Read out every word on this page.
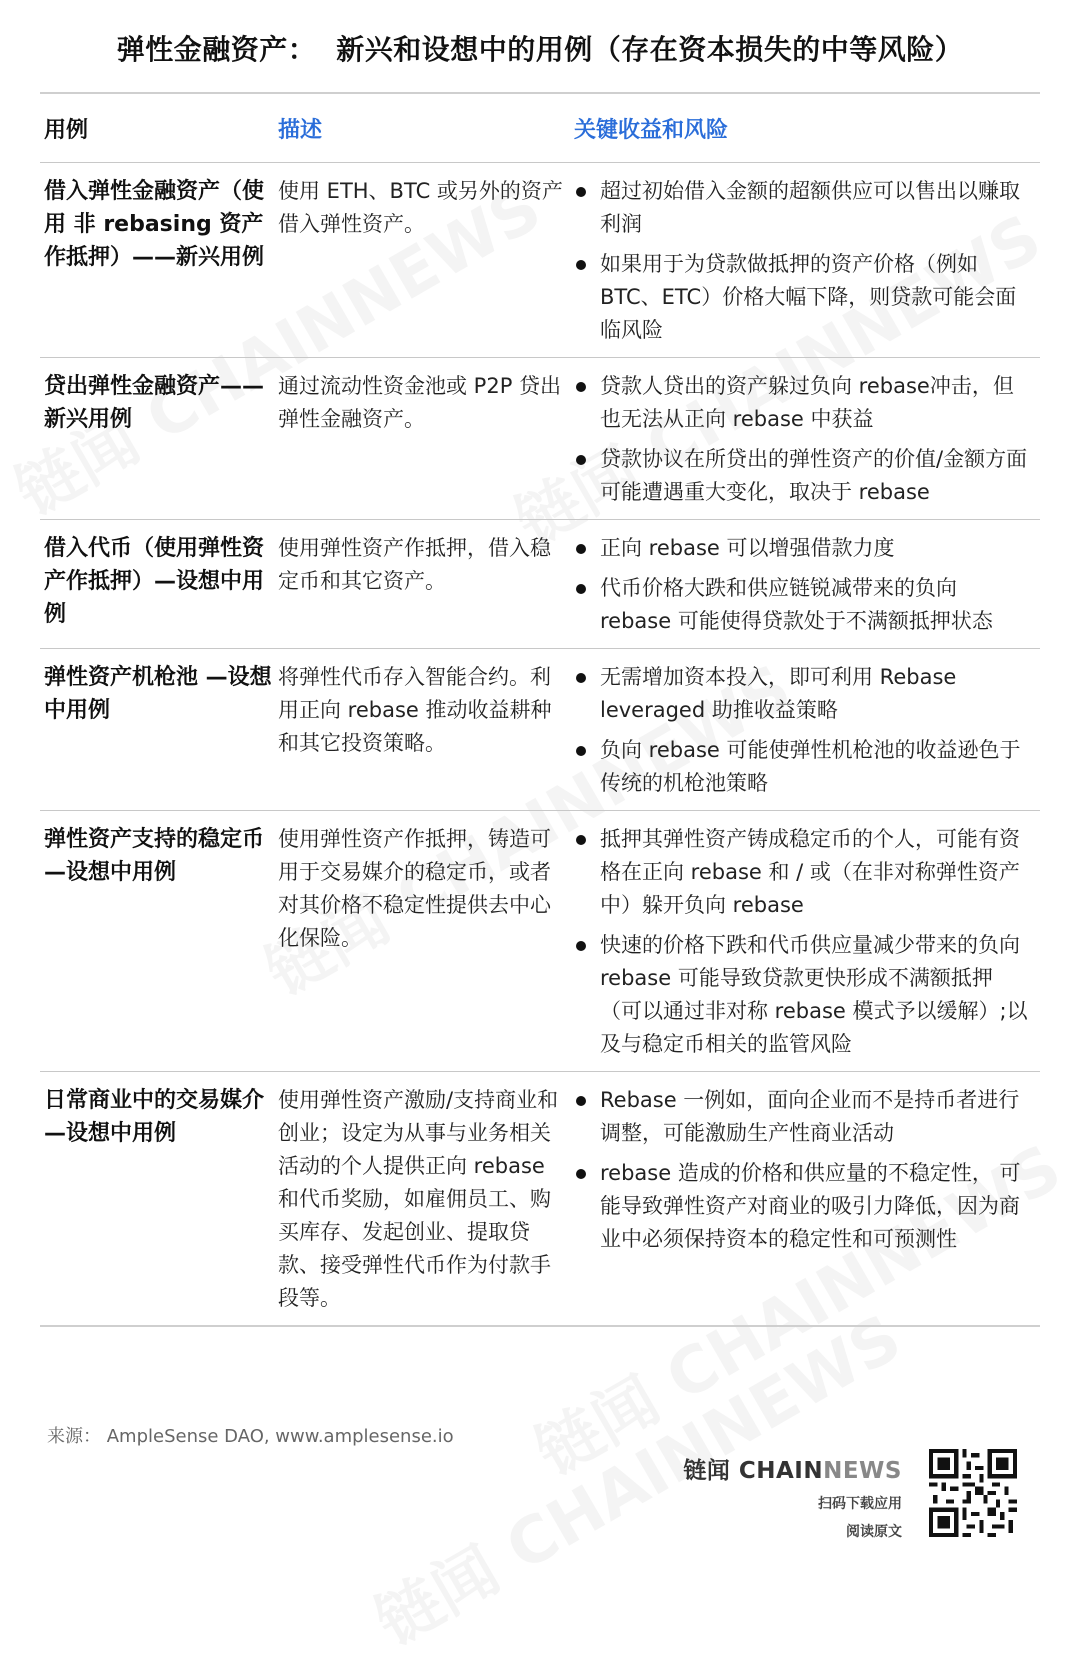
弹性金融资产： 新兴和设想中的用例（存在资本损失的中等风险）
用例	描述	关键收益和风险
借入弹性金融资产（使用 非 rebasing 资产作抵押）——新兴用例
使用 ETH、BTC 或另外的资产借入弹性资产。
超过初始借入金额的超额供应可以售出以赚取利润
如果用于为贷款做抵押的资产价格（例如 BTC、ETC）价格大幅下降，则贷款可能会面临风险
贷出弹性金融资产——新兴用例
通过流动性资金池或 P2P 贷出弹性金融资产。
贷款人贷出的资产躲过负向 rebase冲击，但也无法从正向 rebase 中获益
贷款协议在所贷出的弹性资产的价值/金额方面可能遭遇重大变化，取决于 rebase
借入代币（使用弹性资产作抵押）—设想中用例
使用弹性资产作抵押，借入稳定币和其它资产。
正向 rebase 可以增强借款力度
代币价格大跌和供应链锐减带来的负向 rebase 可能使得贷款处于不满额抵押状态
弹性资产机枪池 —设想中用例
将弹性代币存入智能合约。利用正向 rebase 推动收益耕种和其它投资策略。
无需增加资本投入，即可利用 Rebase leveraged 助推收益策略
负向 rebase 可能使弹性机枪池的收益逊色于传统的机枪池策略
弹性资产支持的稳定币—设想中用例
使用弹性资产作抵押，铸造可用于交易媒介的稳定币，或者对其价格不稳定性提供去中心化保险。
抵押其弹性资产铸成稳定币的个人，可能有资格在正向 rebase 和 / 或（在非对称弹性资产中）躲开负向 rebase
快速的价格下跌和代币供应量减少带来的负向 rebase 可能导致贷款更快形成不满额抵押 （可以通过非对称 rebase 模式予以缓解）;以及与稳定币相关的监管风险
日常商业中的交易媒介—设想中用例
使用弹性资产激励/支持商业和创业；设定为从事与业务相关活动的个人提供正向 rebase 和代币奖励，如雇佣员工、购买库存、发起创业、提取贷款、接受弹性代币作为付款手段等。
Rebase 一例如，面向企业而不是持币者进行调整，可能激励生产性商业活动
rebase 造成的价格和供应量的不稳定性， 可能导致弹性资产对商业的吸引力降低，因为商业中必须保持资本的稳定性和可预测性
来源： AmpleSense DAO, www.amplesense.io
链闻 CHAINNEWS
扫码下载应用
阅读原文
